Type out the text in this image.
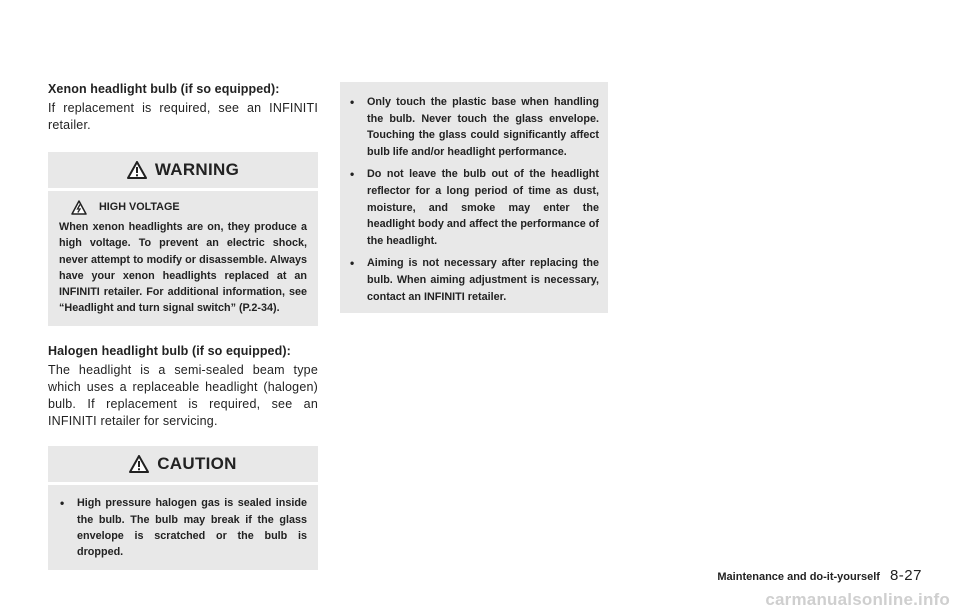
Xenon headlight bulb (if so equipped):

If replacement is required, see an INFINITI retailer.

WARNING
HIGH VOLTAGE

When xenon headlights are on, they produce a high voltage. To prevent an electric shock, never attempt to modify or disassemble. Always have your xenon headlights replaced at an INFINITI retailer. For additional information, see “Headlight and turn signal switch” (P.2-34).

Halogen headlight bulb (if so equipped):

The headlight is a semi-sealed beam type which uses a replaceable headlight (halogen) bulb. If replacement is required, see an INFINITI retailer for servicing.

CAUTION
• High pressure halogen gas is sealed inside the bulb. The bulb may break if the glass envelope is scratched or the bulb is dropped.
• Only touch the plastic base when handling the bulb. Never touch the glass envelope. Touching the glass could significantly affect bulb life and/or headlight performance.
• Do not leave the bulb out of the headlight reflector for a long period of time as dust, moisture, and smoke may enter the headlight body and affect the performance of the headlight.
• Aiming is not necessary after replacing the bulb. When aiming adjustment is necessary, contact an INFINITI retailer.
Maintenance and do-it-yourself 8-27
carmanualsonline.info
